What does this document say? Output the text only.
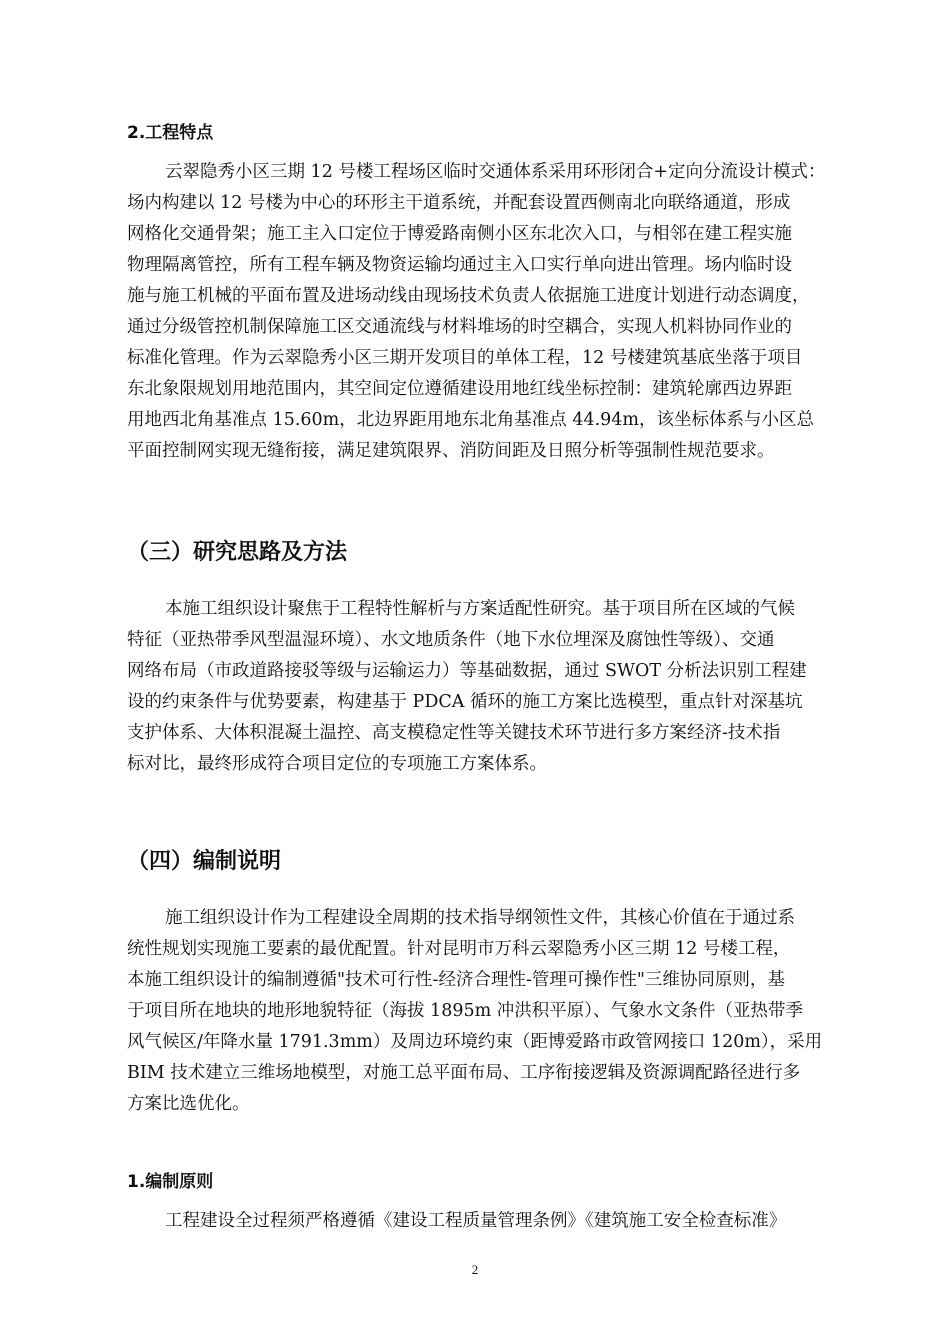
2.工程特点
云翠隐秀小区三期 12 号楼工程场区临时交通体系采用环形闭合+定向分流设计模式：
场内构建以 12 号楼为中心的环形主干道系统，并配套设置西侧南北向联络通道，形成
网格化交通骨架；施工主入口定位于博爱路南侧小区东北次入口，与相邻在建工程实施
物理隔离管控，所有工程车辆及物资运输均通过主入口实行单向进出管理。场内临时设
施与施工机械的平面布置及进场动线由现场技术负责人依据施工进度计划进行动态调度，
通过分级管控机制保障施工区交通流线与材料堆场的时空耦合，实现人机料协同作业的
标准化管理。作为云翠隐秀小区三期开发项目的单体工程，12 号楼建筑基底坐落于项目
东北象限规划用地范围内，其空间定位遵循建设用地红线坐标控制：建筑轮廓西边界距
用地西北角基准点 15.60m，北边界距用地东北角基准点 44.94m，该坐标体系与小区总
平面控制网实现无缝衔接，满足建筑限界、消防间距及日照分析等强制性规范要求。
（三）研究思路及方法
本施工组织设计聚焦于工程特性解析与方案适配性研究。基于项目所在区域的气候
特征（亚热带季风型温湿环境）、水文地质条件（地下水位埋深及腐蚀性等级）、交通
网络布局（市政道路接驳等级与运输运力）等基础数据，通过 SWOT 分析法识别工程建
设的约束条件与优势要素，构建基于 PDCA 循环的施工方案比选模型，重点针对深基坑
支护体系、大体积混凝土温控、高支模稳定性等关键技术环节进行多方案经济-技术指
标对比，最终形成符合项目定位的专项施工方案体系。
（四）编制说明
施工组织设计作为工程建设全周期的技术指导纲领性文件，其核心价值在于通过系
统性规划实现施工要素的最优配置。针对昆明市万科云翠隐秀小区三期 12 号楼工程，
本施工组织设计的编制遵循"技术可行性-经济合理性-管理可操作性"三维协同原则，基
于项目所在地块的地形地貌特征（海拔 1895m 冲洪积平原）、气象水文条件（亚热带季
风气候区/年降水量 1791.3mm）及周边环境约束（距博爱路市政管网接口 120m），采用
BIM 技术建立三维场地模型，对施工总平面布局、工序衔接逻辑及资源调配路径进行多
方案比选优化。
1.编制原则
工程建设全过程须严格遵循《建设工程质量管理条例》《建筑施工安全检查标准》
2
